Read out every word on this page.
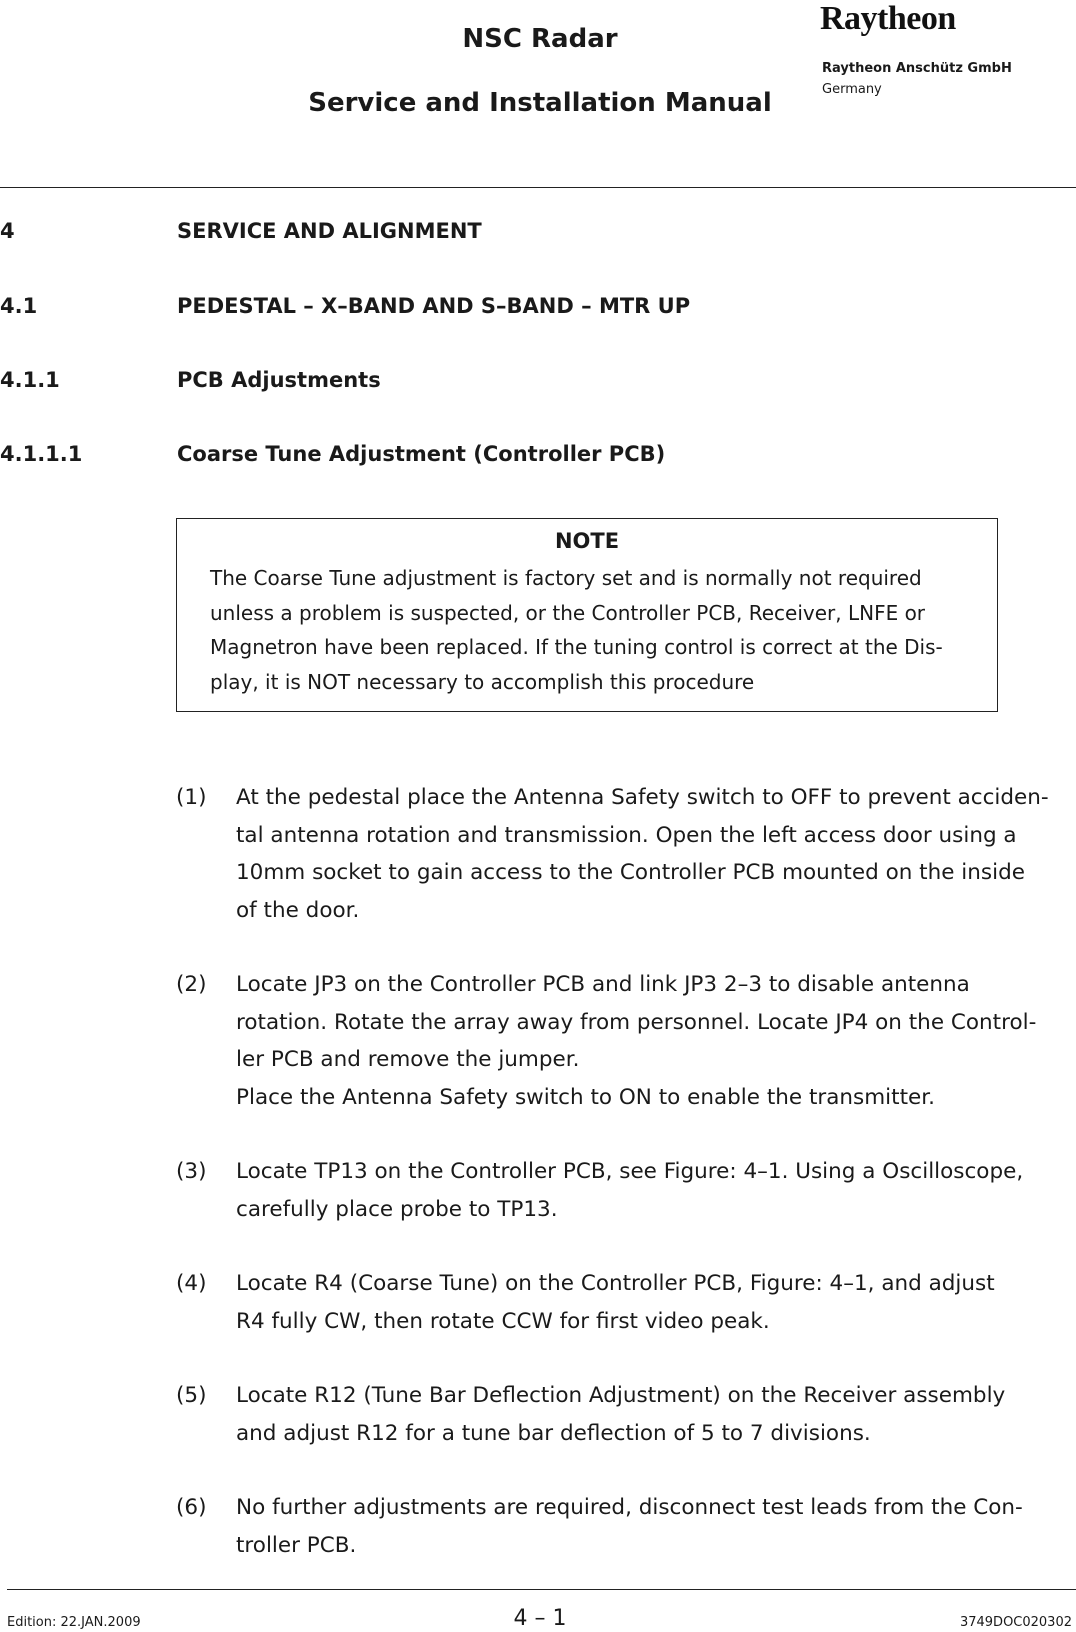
NSC Radar
Service and Installation Manual
Raytheon
Raytheon Anschütz GmbH
Germany
4	SERVICE AND ALIGNMENT
4.1	PEDESTAL – X–BAND AND S–BAND – MTR UP
4.1.1	PCB Adjustments
4.1.1.1	Coarse Tune Adjustment (Controller PCB)
NOTE
The Coarse Tune adjustment is factory set and is normally not required unless a problem is suspected, or the Controller PCB, Receiver, LNFE or Magnetron have been replaced. If the tuning control is correct at the Dis-play, it is NOT necessary to accomplish this procedure
(1) At the pedestal place the Antenna Safety switch to OFF to prevent acciden-
tal antenna rotation and transmission. Open the left access door using a
10mm socket to gain access to the Controller PCB mounted on the inside
of the door.
(2) Locate JP3 on the Controller PCB and link JP3 2–3 to disable antenna
rotation. Rotate the array away from personnel. Locate JP4 on the Control-
ler PCB and remove the jumper.
Place the Antenna Safety switch to ON to enable the transmitter.
(3) Locate TP13 on the Controller PCB, see Figure: 4–1. Using a Oscilloscope,
carefully place probe to TP13.
(4) Locate R4 (Coarse Tune) on the Controller PCB, Figure: 4–1, and adjust
R4 fully CW, then rotate CCW for first video peak.
(5) Locate R12 (Tune Bar Deflection Adjustment) on the Receiver assembly
and adjust R12 for a tune bar deflection of 5 to 7 divisions.
(6) No further adjustments are required, disconnect test leads from the Con-
troller PCB.
Edition: 22.JAN.2009	4 – 1	3749DOC020302
